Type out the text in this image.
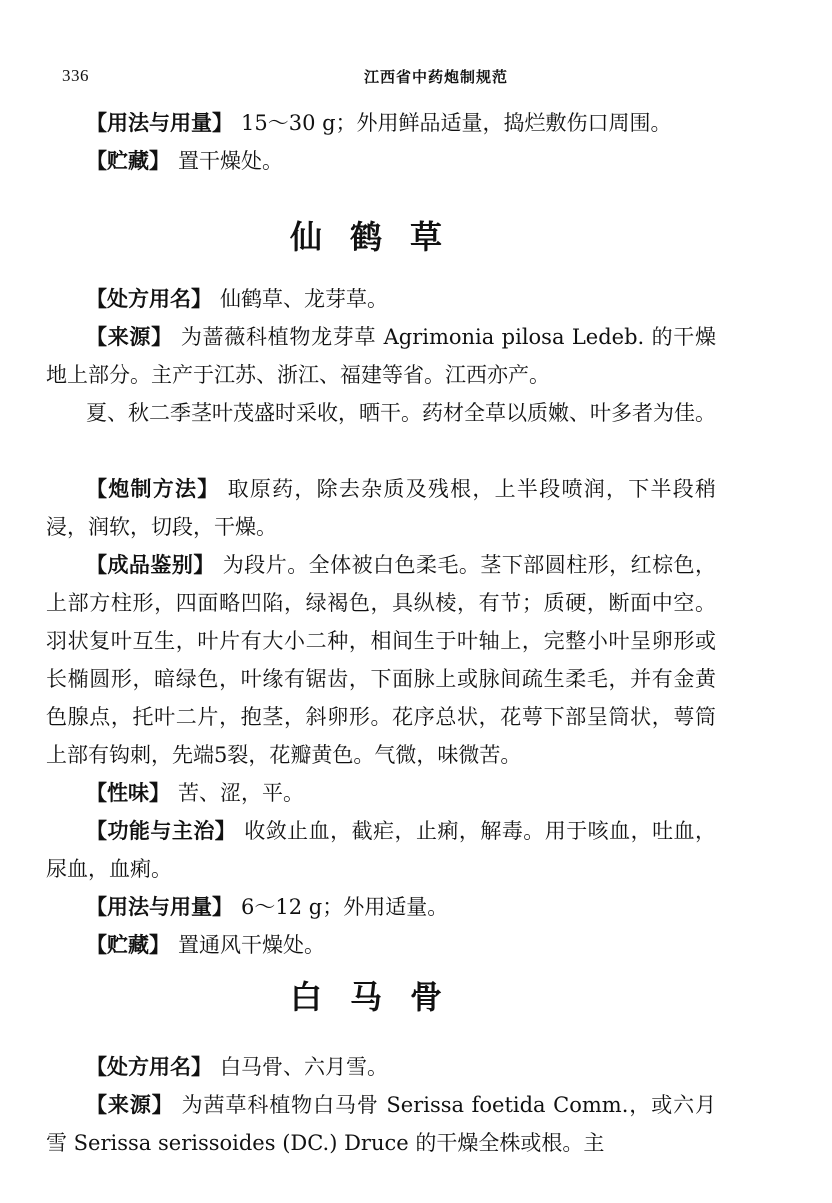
336	江西省中药炮制规范

【用法与用量】 15～30 g；外用鲜品适量，捣烂敷伤口周围。

【贮藏】 置干燥处。

仙鹤草

【处方用名】 仙鹤草、龙芽草。

【来源】 为蔷薇科植物龙芽草 Agrimonia pilosa Ledeb. 的干燥地上部分。主产于江苏、浙江、福建等省。江西亦产。

夏、秋二季茎叶茂盛时采收，晒干。药材全草以质嫩、叶多者为佳。

【炮制方法】 取原药，除去杂质及残根，上半段喷润，下半段稍浸，润软，切段，干燥。

【成品鉴别】 为段片。全体被白色柔毛。茎下部圆柱形，红棕色，上部方柱形，四面略凹陷，绿褐色，具纵棱，有节；质硬，断面中空。羽状复叶互生，叶片有大小二种，相间生于叶轴上，完整小叶呈卵形或长椭圆形，暗绿色，叶缘有锯齿，下面脉上或脉间疏生柔毛，并有金黄色腺点，托叶二片，抱茎，斜卵形。花序总状，花萼下部呈筒状，萼筒上部有钩刺，先端5裂，花瓣黄色。气微，味微苦。

【性味】 苦、涩，平。

【功能与主治】 收敛止血，截疟，止痢，解毒。用于咳血，吐血，尿血，血痢。

【用法与用量】 6～12 g；外用适量。

【贮藏】 置通风干燥处。

白马骨

【处方用名】 白马骨、六月雪。

【来源】 为茜草科植物白马骨 Serissa foetida Comm.，或六月雪 Serissa serissoides (DC.) Druce 的干燥全株或根。主
